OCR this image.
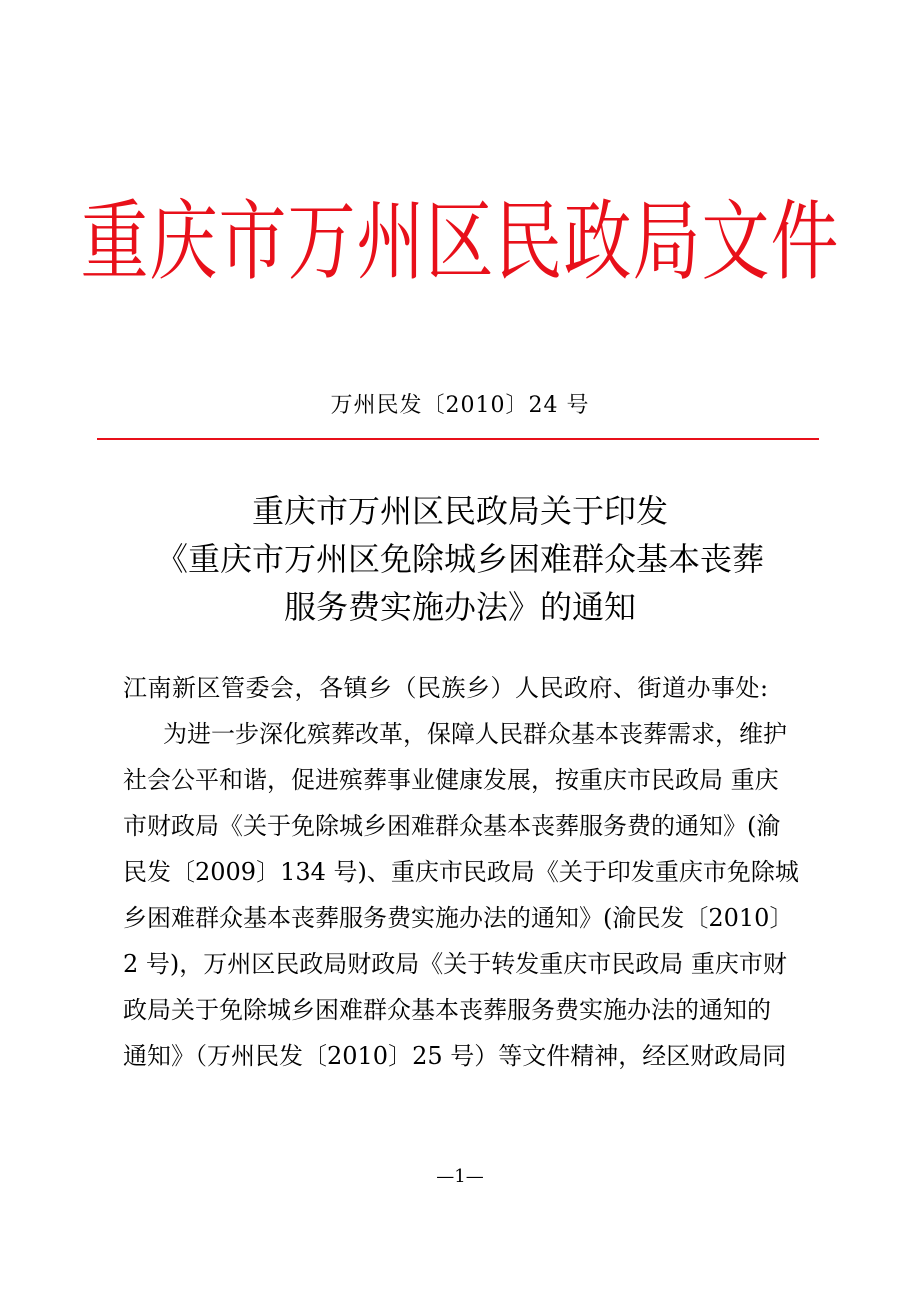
重庆市万州区民政局文件
万州民发〔2010〕24 号
重庆市万州区民政局关于印发
《重庆市万州区免除城乡困难群众基本丧葬
服务费实施办法》的通知
江南新区管委会，各镇乡（民族乡）人民政府、街道办事处:
为进一步深化殡葬改革，保障人民群众基本丧葬需求，维护
社会公平和谐，促进殡葬事业健康发展，按重庆市民政局 重庆
市财政局《关于免除城乡困难群众基本丧葬服务费的通知》(渝
民发〔2009〕134 号)、重庆市民政局《关于印发重庆市免除城
乡困难群众基本丧葬服务费实施办法的通知》(渝民发〔2010〕
2 号)，万州区民政局财政局《关于转发重庆市民政局 重庆市财
政局关于免除城乡困难群众基本丧葬服务费实施办法的通知的
通知》（万州民发〔2010〕25 号）等文件精神，经区财政局同
—1—
